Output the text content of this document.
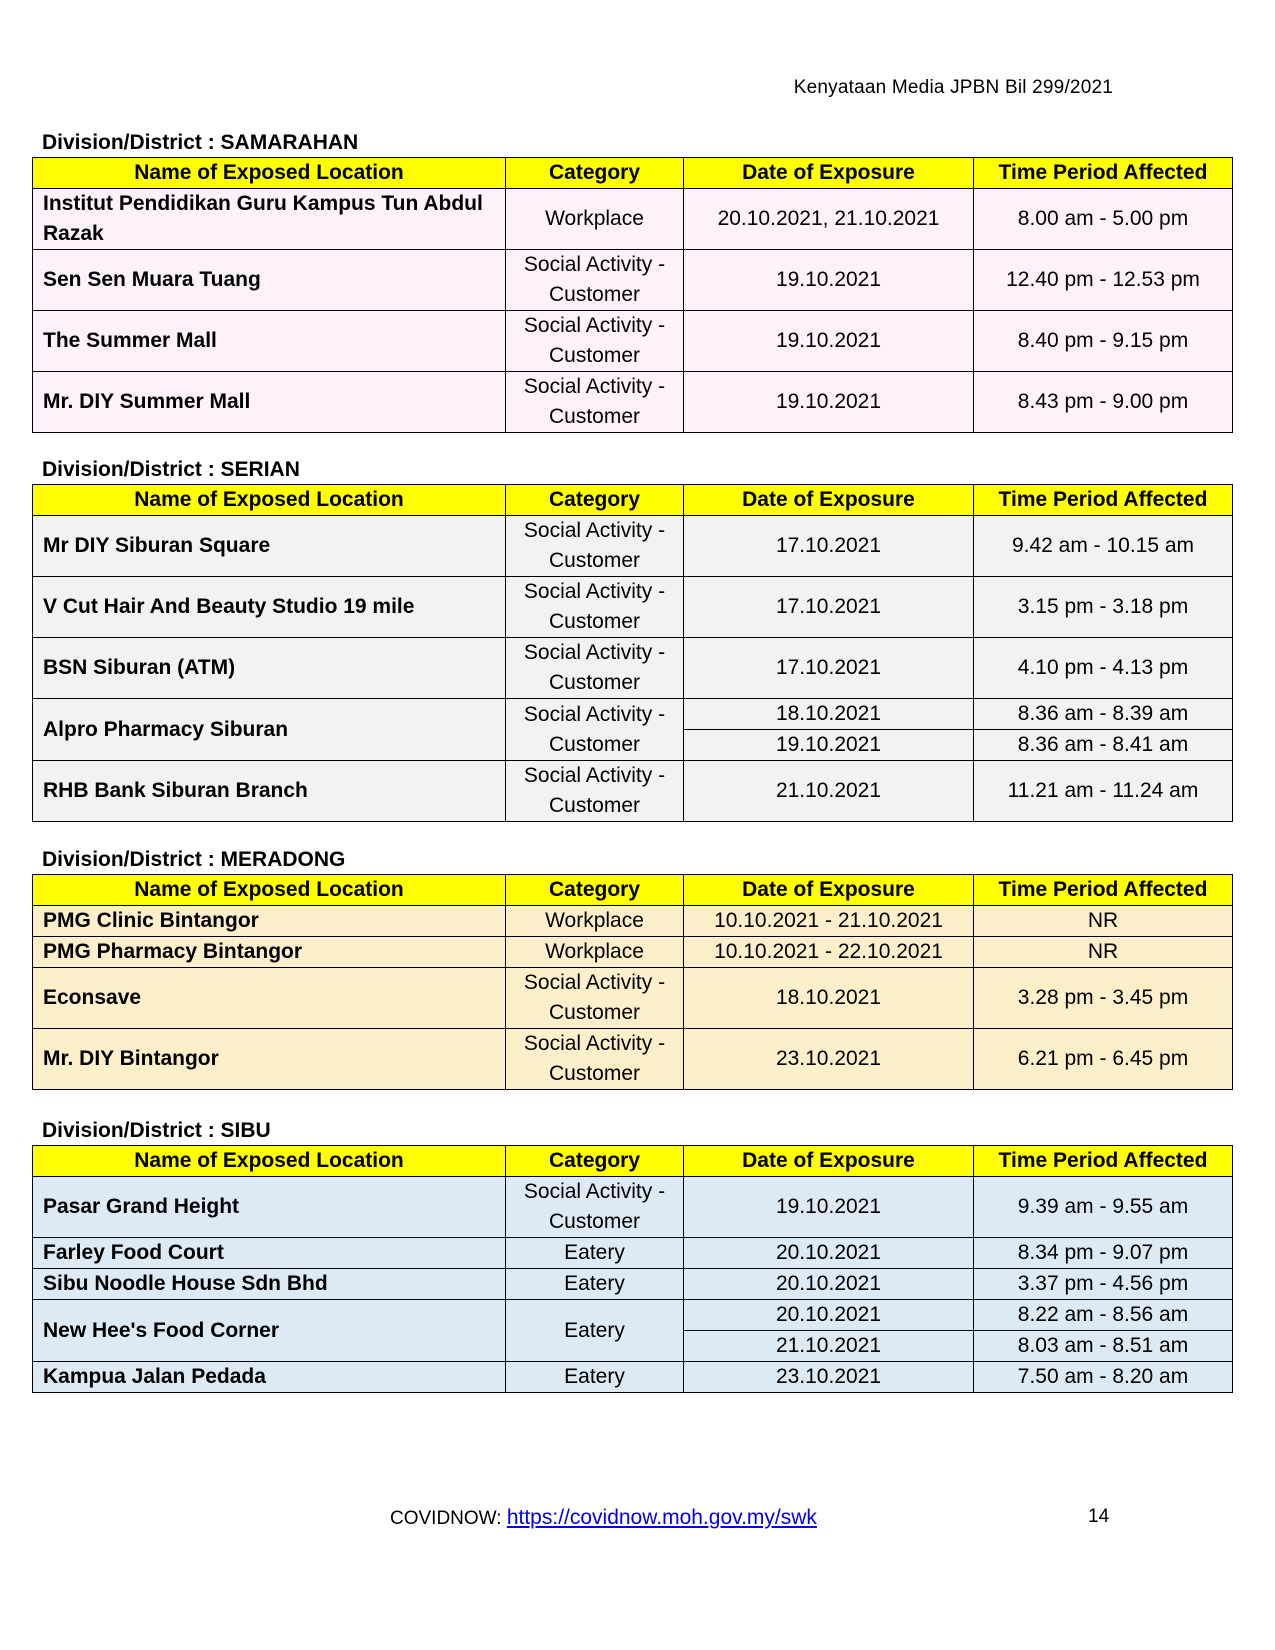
Kenyataan Media JPBN Bil 299/2021
Division/District : SAMARAHAN
Name of Exposed Location	Category	Date of Exposure	Time Period Affected
Institut Pendidikan Guru Kampus Tun Abdul Razak	Workplace	20.10.2021, 21.10.2021	8.00 am - 5.00 pm
Sen Sen Muara Tuang	Social Activity - Customer	19.10.2021	12.40 pm - 12.53 pm
The Summer Mall	Social Activity - Customer	19.10.2021	8.40 pm - 9.15 pm
Mr. DIY Summer Mall	Social Activity - Customer	19.10.2021	8.43 pm - 9.00 pm
Division/District : SERIAN
Name of Exposed Location	Category	Date of Exposure	Time Period Affected
Mr DIY Siburan Square	Social Activity - Customer	17.10.2021	9.42 am - 10.15 am
V Cut Hair And Beauty Studio 19 mile	Social Activity - Customer	17.10.2021	3.15 pm - 3.18 pm
BSN Siburan (ATM)	Social Activity - Customer	17.10.2021	4.10 pm - 4.13 pm
Alpro Pharmacy Siburan	Social Activity - Customer	18.10.2021	8.36 am - 8.39 am
		19.10.2021	8.36 am - 8.41 am
RHB Bank Siburan Branch	Social Activity - Customer	21.10.2021	11.21 am - 11.24 am
Division/District : MERADONG
Name of Exposed Location	Category	Date of Exposure	Time Period Affected
PMG Clinic Bintangor	Workplace	10.10.2021 - 21.10.2021	NR
PMG Pharmacy Bintangor	Workplace	10.10.2021 - 22.10.2021	NR
Econsave	Social Activity - Customer	18.10.2021	3.28 pm - 3.45 pm
Mr. DIY Bintangor	Social Activity - Customer	23.10.2021	6.21 pm - 6.45 pm
Division/District : SIBU
Name of Exposed Location	Category	Date of Exposure	Time Period Affected
Pasar Grand Height	Social Activity - Customer	19.10.2021	9.39 am - 9.55 am
Farley Food Court	Eatery	20.10.2021	8.34 pm - 9.07 pm
Sibu Noodle House Sdn Bhd	Eatery	20.10.2021	3.37 pm - 4.56 pm
New Hee's Food Corner	Eatery	20.10.2021	8.22 am - 8.56 am
		21.10.2021	8.03 am - 8.51 am
Kampua Jalan Pedada	Eatery	23.10.2021	7.50 am - 8.20 am
COVIDNOW: https://covidnow.moh.gov.my/swk	14
